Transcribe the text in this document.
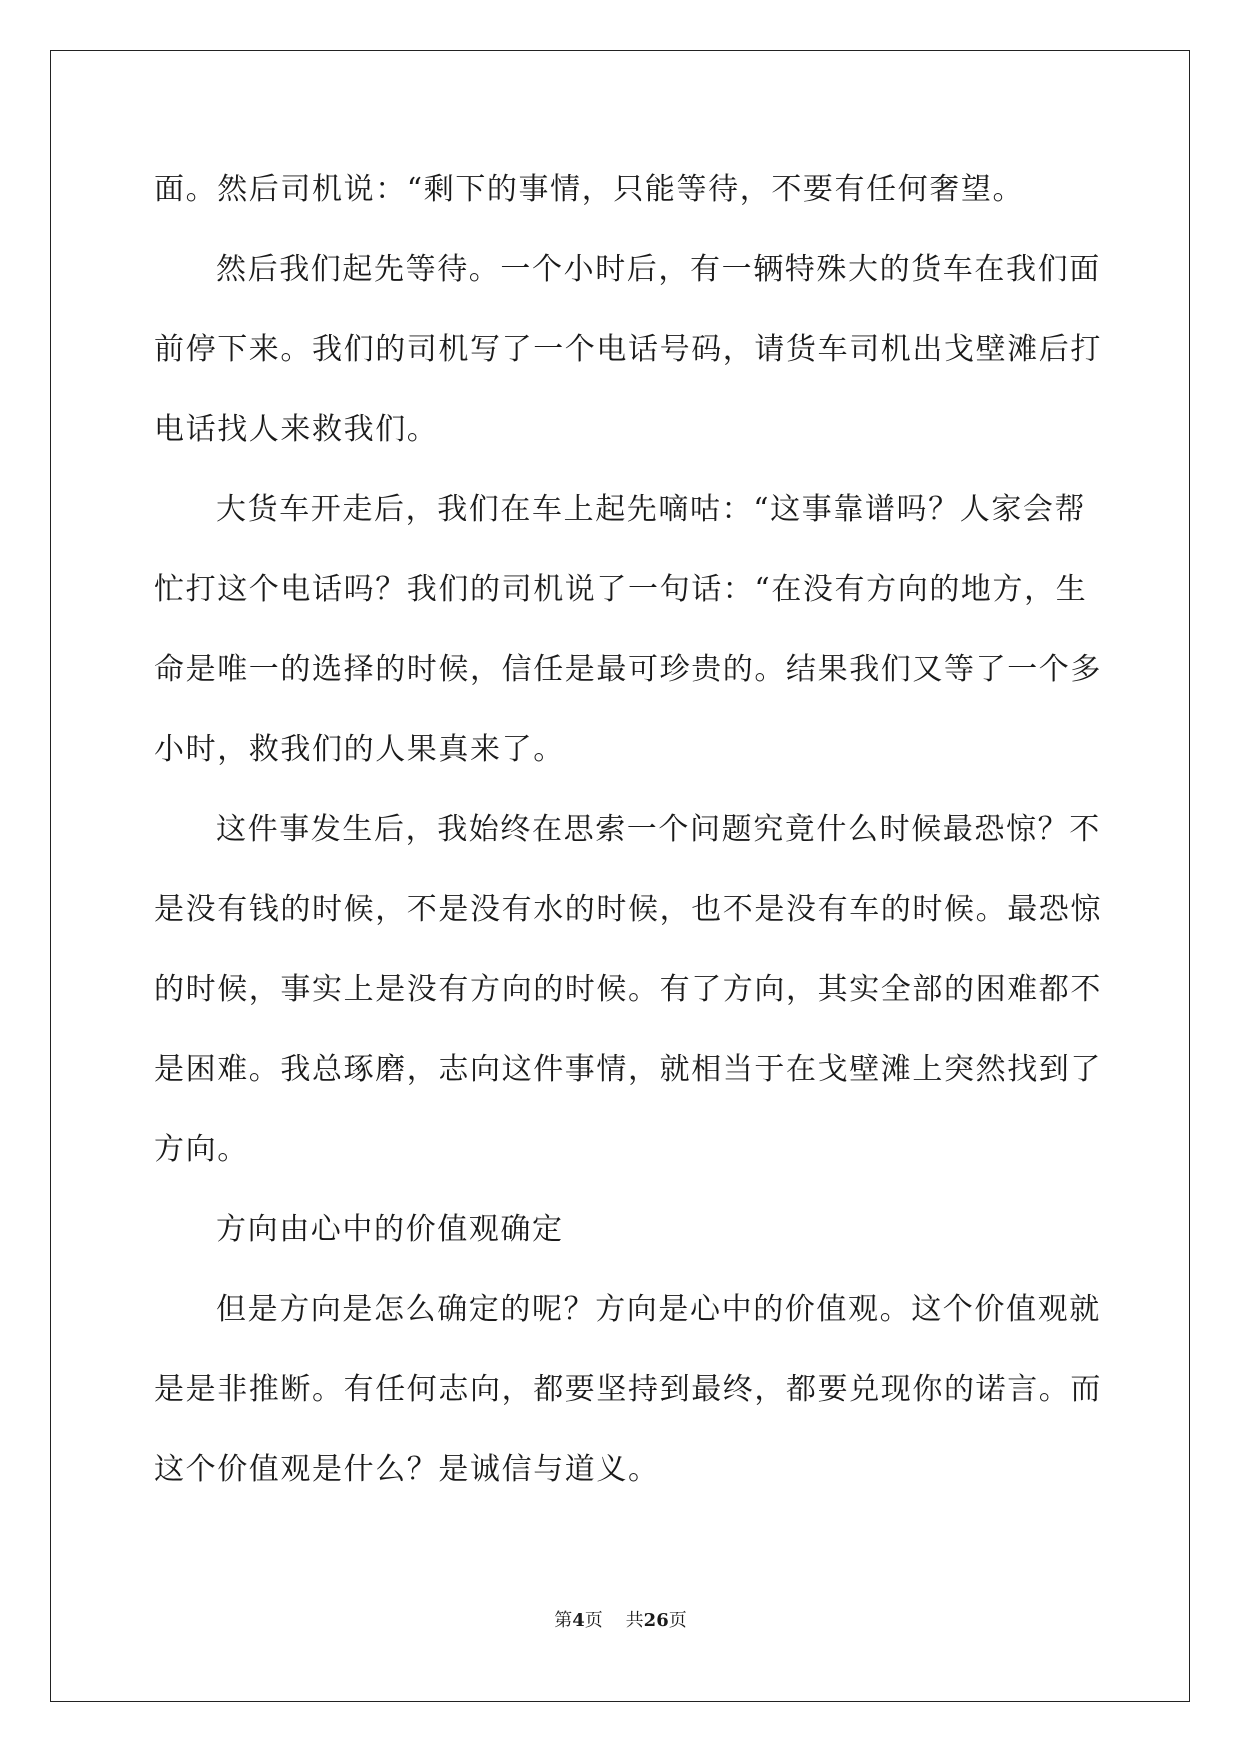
面。然后司机说：“剩下的事情，只能等待，不要有任何奢望。
然后我们起先等待。一个小时后，有一辆特殊大的货车在我们面
前停下来。我们的司机写了一个电话号码，请货车司机出戈壁滩后打
电话找人来救我们。
大货车开走后，我们在车上起先嘀咕：“这事靠谱吗？人家会帮
忙打这个电话吗？我们的司机说了一句话：“在没有方向的地方，生
命是唯一的选择的时候，信任是最可珍贵的。结果我们又等了一个多
小时，救我们的人果真来了。
这件事发生后，我始终在思索一个问题究竟什么时候最恐惊？不
是没有钱的时候，不是没有水的时候，也不是没有车的时候。最恐惊
的时候，事实上是没有方向的时候。有了方向，其实全部的困难都不
是困难。我总琢磨，志向这件事情，就相当于在戈壁滩上突然找到了
方向。
方向由心中的价值观确定
但是方向是怎么确定的呢？方向是心中的价值观。这个价值观就
是是非推断。有任何志向，都要坚持到最终，都要兑现你的诺言。而
这个价值观是什么？是诚信与道义。
第4页 共26页
